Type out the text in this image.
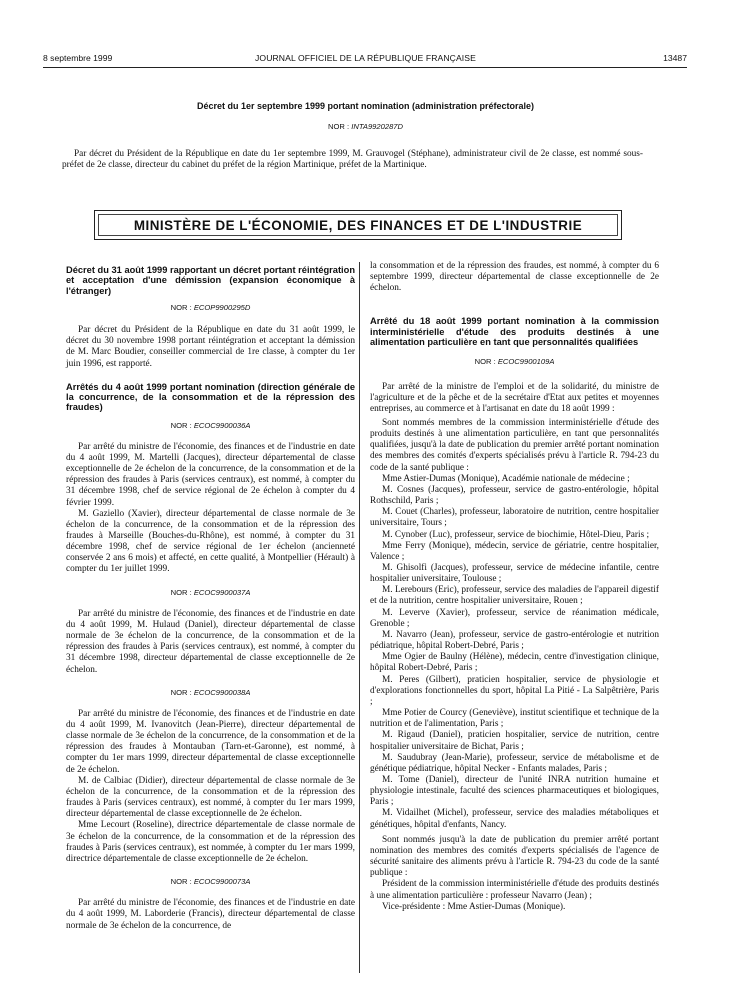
8 septembre 1999	JOURNAL OFFICIEL DE LA RÉPUBLIQUE FRANÇAISE	13487
Décret du 1er septembre 1999 portant nomination (administration préfectorale)
NOR : INTA9920287D

Par décret du Président de la République en date du 1er septembre 1999, M. Grauvogel (Stéphane), administrateur civil de 2e classe, est nommé sous-préfet de 2e classe, directeur du cabinet du préfet de la région Martinique, préfet de la Martinique.

MINISTÈRE DE L'ÉCONOMIE, DES FINANCES ET DE L'INDUSTRIE

Décret du 31 août 1999 rapportant un décret portant réintégration et acceptation d'une démission (expansion économique à l'étranger)

NOR : ECOP9900295D

Par décret du Président de la République en date du 31 août 1999, le décret du 30 novembre 1998 portant réintégration et acceptant la démission de M. Marc Boudier, conseiller commercial de 1re classe, à compter du 1er juin 1996, est rapporté.

Arrêtés du 4 août 1999 portant nomination (direction générale de la concurrence, de la consommation et de la répression des fraudes)

NOR : ECOC9900036A

Par arrêté du ministre de l'économie, des finances et de l'industrie en date du 4 août 1999, M. Martelli (Jacques), directeur départemental de classe exceptionnelle de 2e échelon de la concurrence, de la consommation et de la répression des fraudes à Paris (services centraux), est nommé, à compter du 31 décembre 1998, chef de service régional de 2e échelon à compter du 4 février 1999.

M. Gaziello (Xavier), directeur départemental de classe normale de 3e échelon de la concurrence, de la consommation et de la répression des fraudes à Marseille (Bouches-du-Rhône), est nommé, à compter du 31 décembre 1998, chef de service régional de 1er échelon (ancienneté conservée 2 ans 6 mois) et affecté, en cette qualité, à Montpellier (Hérault) à compter du 1er juillet 1999.

NOR : ECOC9900037A

Par arrêté du ministre de l'économie, des finances et de l'industrie en date du 4 août 1999, M. Hulaud (Daniel), directeur départemental de classe normale de 3e échelon de la concurrence, de la consommation et de la répression des fraudes à Paris (services centraux), est nommé, à compter du 31 décembre 1998, directeur départemental de classe exceptionnelle de 2e échelon.

NOR : ECOC9900038A

Par arrêté du ministre de l'économie, des finances et de l'industrie en date du 4 août 1999, M. Ivanovitch (Jean-Pierre), directeur départemental de classe normale de 3e échelon de la concurrence, de la consommation et de la répression des fraudes à Montauban (Tarn-et-Garonne), est nommé, à compter du 1er mars 1999, directeur départemental de classe exceptionnelle de 2e échelon.

M. de Calbiac (Didier), directeur départemental de classe normale de 3e échelon de la concurrence, de la consommation et de la répression des fraudes à Paris (services centraux), est nommé, à compter du 1er mars 1999, directeur départemental de classe exceptionnelle de 2e échelon.

Mme Lecourt (Roseline), directrice départementale de classe normale de 3e échelon de la concurrence, de la consommation et de la répression des fraudes à Paris (services centraux), est nommée, à compter du 1er mars 1999, directrice départementale de classe exceptionnelle de 2e échelon.

NOR : ECOC9900073A

Par arrêté du ministre de l'économie, des finances et de l'industrie en date du 4 août 1999, M. Laborderie (Francis), directeur départemental de classe normale de 3e échelon de la concurrence, de

la consommation et de la répression des fraudes, est nommé, à compter du 6 septembre 1999, directeur départemental de classe exceptionnelle de 2e échelon.

Arrêté du 18 août 1999 portant nomination à la commission interministérielle d'étude des produits destinés à une alimentation particulière en tant que personnalités qualifiées

NOR : ECOC9900109A

Par arrêté de la ministre de l'emploi et de la solidarité, du ministre de l'agriculture et de la pêche et de la secrétaire d'Etat aux petites et moyennes entreprises, au commerce et à l'artisanat en date du 18 août 1999 :

Sont nommés membres de la commission interministérielle d'étude des produits destinés à une alimentation particulière, en tant que personnalités qualifiées, jusqu'à la date de publication du premier arrêté portant nomination des membres des comités d'experts spécialisés prévu à l'article R. 794-23 du code de la santé publique :

Mme Astier-Dumas (Monique), Académie nationale de médecine ;

M. Cosnes (Jacques), professeur, service de gastro-entérologie, hôpital Rothschild, Paris ;

M. Couet (Charles), professeur, laboratoire de nutrition, centre hospitalier universitaire, Tours ;

M. Cynober (Luc), professeur, service de biochimie, Hôtel-Dieu, Paris ;

Mme Ferry (Monique), médecin, service de gériatrie, centre hospitalier, Valence ;

M. Ghisolfi (Jacques), professeur, service de médecine infantile, centre hospitalier universitaire, Toulouse ;

M. Lerebours (Eric), professeur, service des maladies de l'appareil digestif et de la nutrition, centre hospitalier universitaire, Rouen ;

M. Leverve (Xavier), professeur, service de réanimation médicale, Grenoble ;

M. Navarro (Jean), professeur, service de gastro-entérologie et nutrition pédiatrique, hôpital Robert-Debré, Paris ;

Mme Ogier de Baulny (Hélène), médecin, centre d'investigation clinique, hôpital Robert-Debré, Paris ;

M. Peres (Gilbert), praticien hospitalier, service de physiologie et d'explorations fonctionnelles du sport, hôpital La Pitié - La Salpêtrière, Paris ;

Mme Potier de Courcy (Geneviève), institut scientifique et technique de la nutrition et de l'alimentation, Paris ;

M. Rigaud (Daniel), praticien hospitalier, service de nutrition, centre hospitalier universitaire de Bichat, Paris ;

M. Saudubray (Jean-Marie), professeur, service de métabolisme et de génétique pédiatrique, hôpital Necker - Enfants malades, Paris ;

M. Tome (Daniel), directeur de l'unité INRA nutrition humaine et physiologie intestinale, faculté des sciences pharmaceutiques et biologiques, Paris ;

M. Vidailhet (Michel), professeur, service des maladies métaboliques et génétiques, hôpital d'enfants, Nancy.

Sont nommés jusqu'à la date de publication du premier arrêté portant nomination des membres des comités d'experts spécialisés de l'agence de sécurité sanitaire des aliments prévu à l'article R. 794-23 du code de la santé publique :

Président de la commission interministérielle d'étude des produits destinés à une alimentation particulière : professeur Navarro (Jean) ;

Vice-présidente : Mme Astier-Dumas (Monique).
